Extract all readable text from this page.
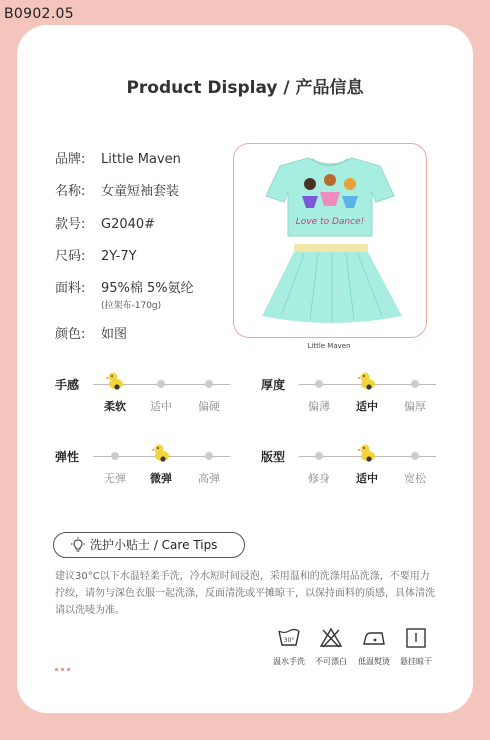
B0902.05
Product Display / 产品信息
品牌: Little Maven
名称: 女童短袖套装
款号: G2040#
尺码: 2Y-7Y
面料: 95%棉 5%氨纶
(拉架布-170g)
颜色: 如图
Love to Dance!
Little Maven
手感
柔软	适中	偏硬
厚度
偏薄	适中	偏厚
弹性
无弹	微弹	高弹
版型
修身	适中	宽松
洗护小贴士 / Care Tips
建议30°C以下水温轻柔手洗，冷水短时间浸泡，采用温和的洗涤用品洗涤，不要用力拧绞，请勿与深色衣服一起洗涤，反面清洗或平摊晾干，以保持面料的质感，具体清洗请以洗唛为准。
30°
温水手洗	不可漂白	低温熨烫	悬挂晾干
